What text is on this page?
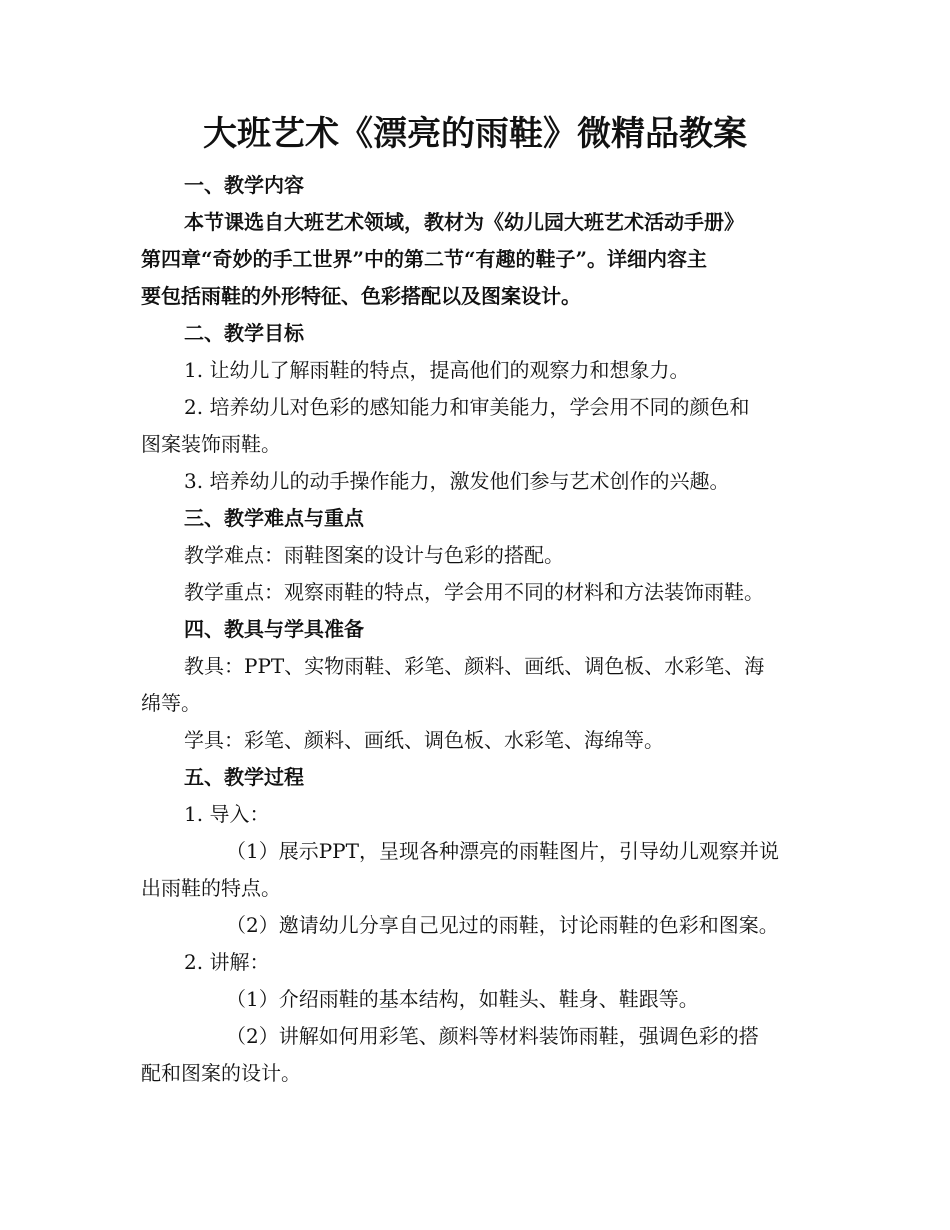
大班艺术《漂亮的雨鞋》微精品教案

一、教学内容

本节课选自大班艺术领域，教材为《幼儿园大班艺术活动手册》

第四章“奇妙的手工世界”中的第二节“有趣的鞋子”。详细内容主

要包括雨鞋的外形特征、色彩搭配以及图案设计。

二、教学目标

1. 让幼儿了解雨鞋的特点，提高他们的观察力和想象力。

2. 培养幼儿对色彩的感知能力和审美能力，学会用不同的颜色和

图案装饰雨鞋。

3. 培养幼儿的动手操作能力，激发他们参与艺术创作的兴趣。

三、教学难点与重点

教学难点：雨鞋图案的设计与色彩的搭配。

教学重点：观察雨鞋的特点，学会用不同的材料和方法装饰雨鞋。

四、教具与学具准备

教具：PPT、实物雨鞋、彩笔、颜料、画纸、调色板、水彩笔、海

绵等。

学具：彩笔、颜料、画纸、调色板、水彩笔、海绵等。

五、教学过程

1. 导入：

（1）展示PPT，呈现各种漂亮的雨鞋图片，引导幼儿观察并说

出雨鞋的特点。

（2）邀请幼儿分享自己见过的雨鞋，讨论雨鞋的色彩和图案。

2. 讲解：

（1）介绍雨鞋的基本结构，如鞋头、鞋身、鞋跟等。

（2）讲解如何用彩笔、颜料等材料装饰雨鞋，强调色彩的搭

配和图案的设计。
